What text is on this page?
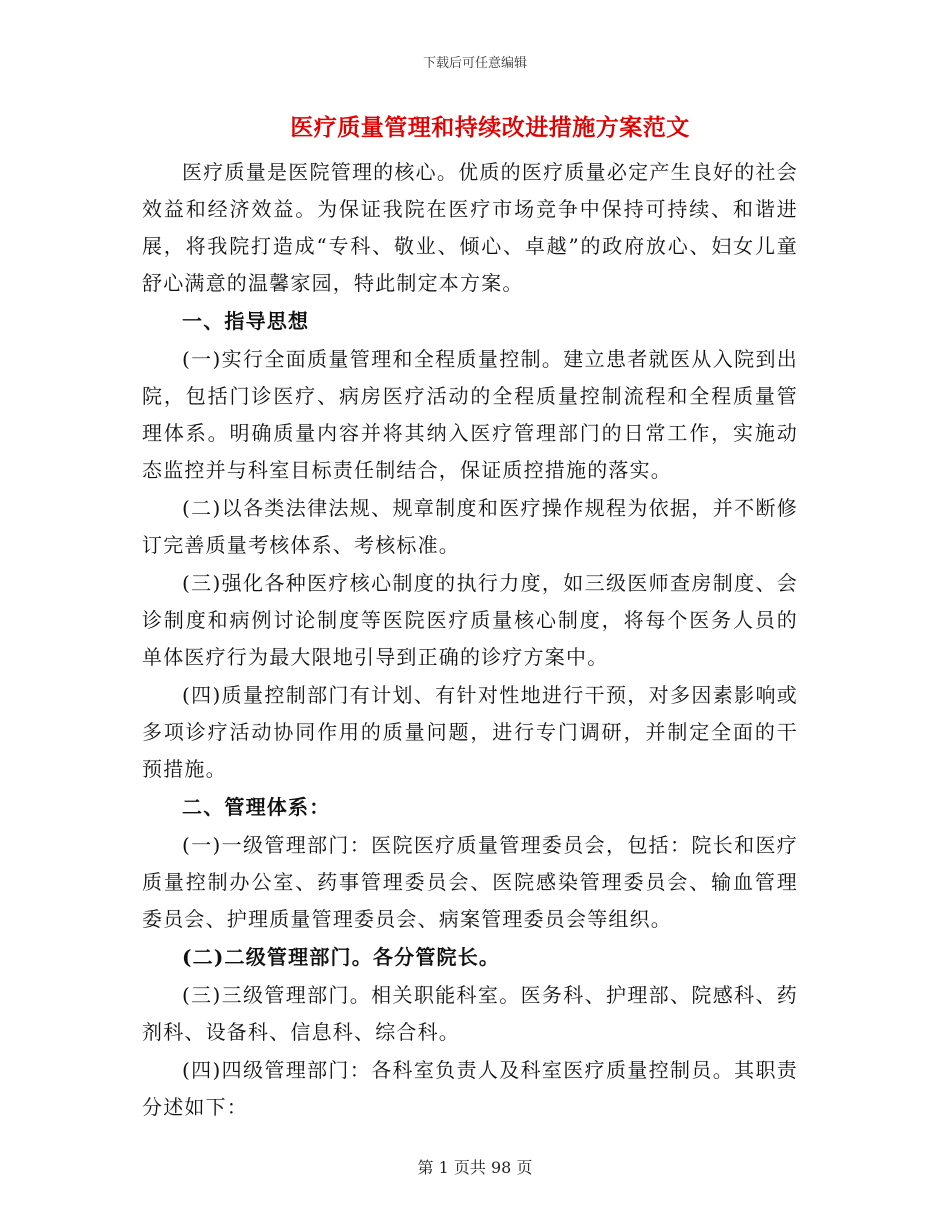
下载后可任意编辑
医疗质量管理和持续改进措施方案范文

医疗质量是医院管理的核心。优质的医疗质量必定产生良好的社会效益和经济效益。为保证我院在医疗市场竞争中保持可持续、和谐进展，将我院打造成“专科、敬业、倾心、卓越”的政府放心、妇女儿童舒心满意的温馨家园，特此制定本方案。

一、指导思想

(一)实行全面质量管理和全程质量控制。建立患者就医从入院到出院，包括门诊医疗、病房医疗活动的全程质量控制流程和全程质量管理体系。明确质量内容并将其纳入医疗管理部门的日常工作，实施动态监控并与科室目标责任制结合，保证质控措施的落实。

(二)以各类法律法规、规章制度和医疗操作规程为依据，并不断修订完善质量考核体系、考核标准。

(三)强化各种医疗核心制度的执行力度，如三级医师查房制度、会诊制度和病例讨论制度等医院医疗质量核心制度，将每个医务人员的单体医疗行为最大限地引导到正确的诊疗方案中。

(四)质量控制部门有计划、有针对性地进行干预，对多因素影响或多项诊疗活动协同作用的质量问题，进行专门调研，并制定全面的干预措施。

二、管理体系：

(一)一级管理部门：医院医疗质量管理委员会，包括：院长和医疗质量控制办公室、药事管理委员会、医院感染管理委员会、输血管理委员会、护理质量管理委员会、病案管理委员会等组织。

(二)二级管理部门。各分管院长。

(三)三级管理部门。相关职能科室。医务科、护理部、院感科、药剂科、设备科、信息科、综合科。

(四)四级管理部门：各科室负责人及科室医疗质量控制员。其职责分述如下：

第 1 页共 98 页
